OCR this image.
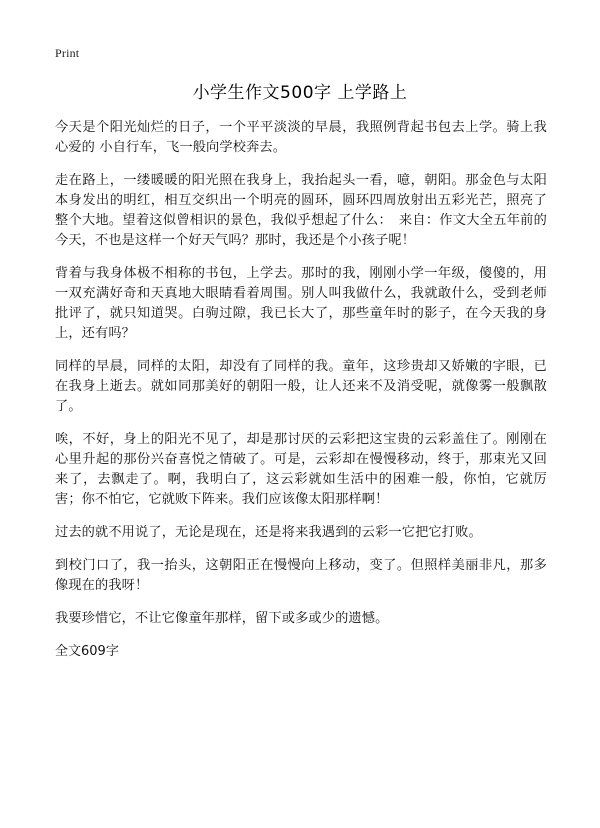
Print
小学生作文500字 上学路上

今天是个阳光灿烂的日子，一个平平淡淡的早晨，我照例背起书包去上学。骑上我心爱的 小自行车，飞一般向学校奔去。

走在路上，一缕暖暖的阳光照在我身上，我抬起头一看，噫，朝阳。那金色与太阳本身发出的明红，相互交织出一个明亮的圆环，圆环四周放射出五彩光芒，照亮了整个大地。望着这似曾相识的景色，我似乎想起了什么：　来自：作文大全五年前的今天，不也是这样一个好天气吗？那时，我还是个小孩子呢！

背着与我身体极不相称的书包，上学去。那时的我，刚刚小学一年级，傻傻的，用一双充满好奇和天真地大眼睛看着周围。别人叫我做什么，我就敢什么，受到老师批评了，就只知道哭。白驹过隙，我已长大了，那些童年时的影子，在今天我的身上，还有吗？

同样的早晨，同样的太阳，却没有了同样的我。童年，这珍贵却又娇嫩的字眼，已在我身上逝去。就如同那美好的朝阳一般，让人还来不及消受呢，就像雾一般飘散了。

唉，不好，身上的阳光不见了，却是那讨厌的云彩把这宝贵的云彩盖住了。刚刚在心里升起的那份兴奋喜悦之情破了。可是，云彩却在慢慢移动，终于，那束光又回来了，去飘走了。啊，我明白了，这云彩就如生活中的困难一般，你怕，它就厉害；你不怕它，它就败下阵来。我们应该像太阳那样啊！

过去的就不用说了，无论是现在，还是将来我遇到的云彩一它把它打败。

到校门口了，我一抬头，这朝阳正在慢慢向上移动，变了。但照样美丽非凡，那多像现在的我呀！

我要珍惜它，不让它像童年那样，留下或多或少的遗憾。

全文609字
